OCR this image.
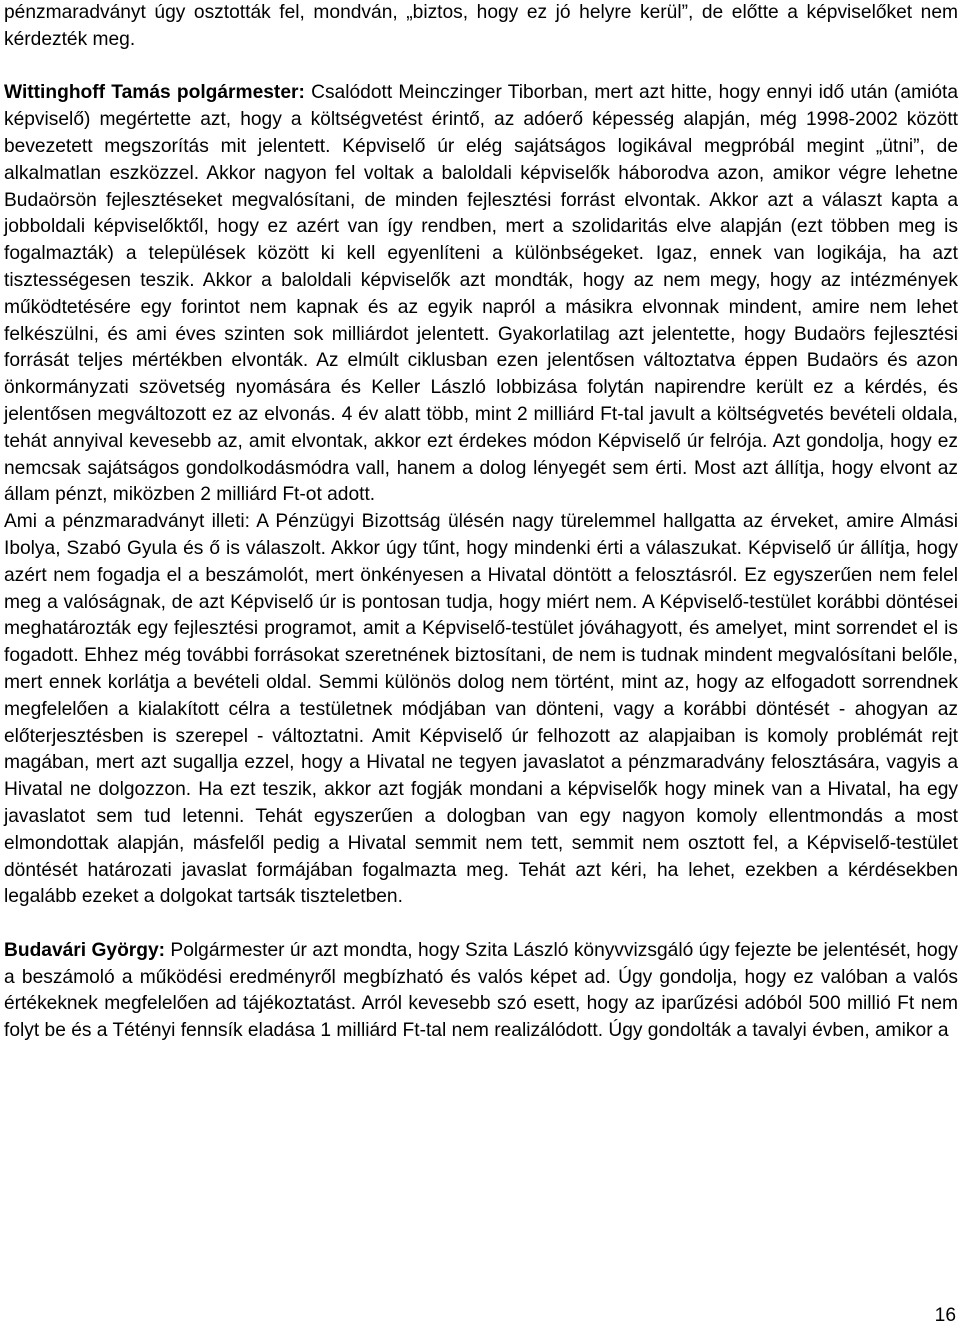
pénzmaradványt úgy osztották fel, mondván, „biztos, hogy ez jó helyre kerül”, de előtte a képviselőket nem kérdezték meg.

Wittinghoff Tamás polgármester: Csalódott Meinczinger Tiborban, mert azt hitte, hogy ennyi idő után (amióta képviselő) megértette azt, hogy a költségvetést érintő, az adóerő képesség alapján, még 1998-2002 között bevezetett megszorítás mit jelentett. Képviselő úr elég sajátságos logikával megpróbál megint „ütni”, de alkalmatlan eszközzel. Akkor nagyon fel voltak a baloldali képviselők háborodva azon, amikor végre lehetne Budaörsön fejlesztéseket megvalósítani, de minden fejlesztési forrást elvontak. Akkor azt a választ kapta a jobboldali képviselőktől, hogy ez azért van így rendben, mert a szolidaritás elve alapján (ezt többen meg is fogalmazták) a települések között ki kell egyenlíteni a különbségeket. Igaz, ennek van logikája, ha azt tisztességesen teszik. Akkor a baloldali képviselők azt mondták, hogy az nem megy, hogy az intézmények működtetésére egy forintot nem kapnak és az egyik napról a másikra elvonnak mindent, amire nem lehet felkészülni, és ami éves szinten sok milliárdot jelentett. Gyakorlatilag azt jelentette, hogy Budaörs fejlesztési forrását teljes mértékben elvonták. Az elmúlt ciklusban ezen jelentősen változtatva éppen Budaörs és azon önkormányzati szövetség nyomására és Keller László lobbizása folytán napirendre került ez a kérdés, és jelentősen megváltozott ez az elvonás. 4 év alatt több, mint 2 milliárd Ft-tal javult a költségvetés bevételi oldala, tehát annyival kevesebb az, amit elvontak, akkor ezt érdekes módon Képviselő úr felrója. Azt gondolja, hogy ez nemcsak sajátságos gondolkodásmódra vall, hanem a dolog lényegét sem érti. Most azt állítja, hogy elvont az állam pénzt, miközben 2 milliárd Ft-ot adott.

Ami a pénzmaradványt illeti: A Pénzügyi Bizottság ülésén nagy türelemmel hallgatta az érveket, amire Almási Ibolya, Szabó Gyula és ő is válaszolt. Akkor úgy tűnt, hogy mindenki érti a válaszukat. Képviselő úr állítja, hogy azért nem fogadja el a beszámolót, mert önkényesen a Hivatal döntött a felosztásról. Ez egyszerűen nem felel meg a valóságnak, de azt Képviselő úr is pontosan tudja, hogy miért nem. A Képviselő-testület korábbi döntései meghatározták egy fejlesztési programot, amit a Képviselő-testület jóváhagyott, és amelyet, mint sorrendet el is fogadott. Ehhez még további forrásokat szeretnének biztosítani, de nem is tudnak mindent megvalósítani belőle, mert ennek korlátja a bevételi oldal. Semmi különös dolog nem történt, mint az, hogy az elfogadott sorrendnek megfelelően a kialakított célra a testületnek módjában van dönteni, vagy a korábbi döntését - ahogyan az előterjesztésben is szerepel - változtatni. Amit Képviselő úr felhozott az alapjaiban is komoly problémát rejt magában, mert azt sugallja ezzel, hogy a Hivatal ne tegyen javaslatot a pénzmaradvány felosztására, vagyis a Hivatal ne dolgozzon. Ha ezt teszik, akkor azt fogják mondani a képviselők hogy minek van a Hivatal, ha egy javaslatot sem tud letenni. Tehát egyszerűen a dologban van egy nagyon komoly ellentmondás a most elmondottak alapján, másfelől pedig a Hivatal semmit nem tett, semmit nem osztott fel, a Képviselő-testület döntését határozati javaslat formájában fogalmazta meg. Tehát azt kéri, ha lehet, ezekben a kérdésekben legalább ezeket a dolgokat tartsák tiszteletben.

Budavári György: Polgármester úr azt mondta, hogy Szita László könyvvizsgáló úgy fejezte be jelentését, hogy a beszámoló a működési eredményről megbízható és valós képet ad. Úgy gondolja, hogy ez valóban a valós értékeknek megfelelően ad tájékoztatást. Arról kevesebb szó esett, hogy az iparűzési adóból 500 millió Ft nem folyt be és a Tétényi fennsík eladása 1 milliárd Ft-tal nem realizálódott. Úgy gondolták a tavalyi évben, amikor a

16
